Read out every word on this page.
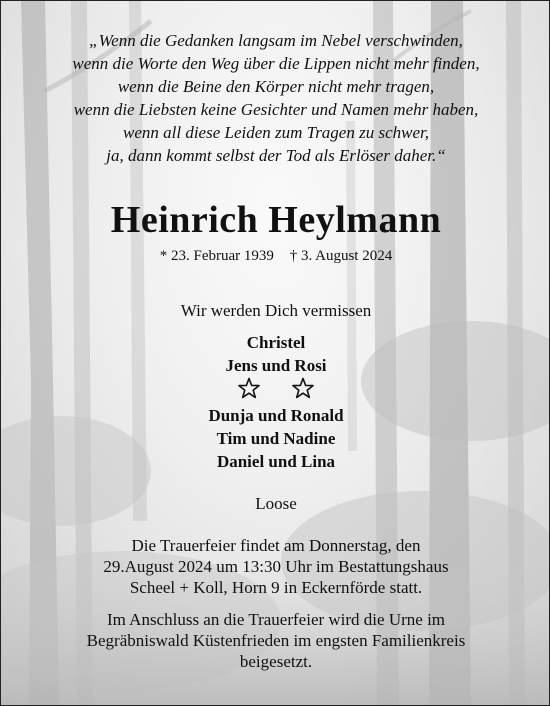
„Wenn die Gedanken langsam im Nebel verschwinden,
wenn die Worte den Weg über die Lippen nicht mehr finden,
wenn die Beine den Körper nicht mehr tragen,
wenn die Liebsten keine Gesichter und Namen mehr haben,
wenn all diese Leiden zum Tragen zu schwer,
ja, dann kommt selbst der Tod als Erlöser daher.“
Heinrich Heylmann
* 23. Februar 1939 † 3. August 2024
Wir werden Dich vermissen
Christel
Jens und Rosi

Dunja und Ronald
Tim und Nadine
Daniel und Lina
Loose
Die Trauerfeier findet am Donnerstag, den
29.August 2024 um 13:30 Uhr im Bestattungshaus
Scheel + Koll, Horn 9 in Eckernförde statt.
Im Anschluss an die Trauerfeier wird die Urne im
Begräbniswald Küstenfrieden im engsten Familienkreis
beigesetzt.
